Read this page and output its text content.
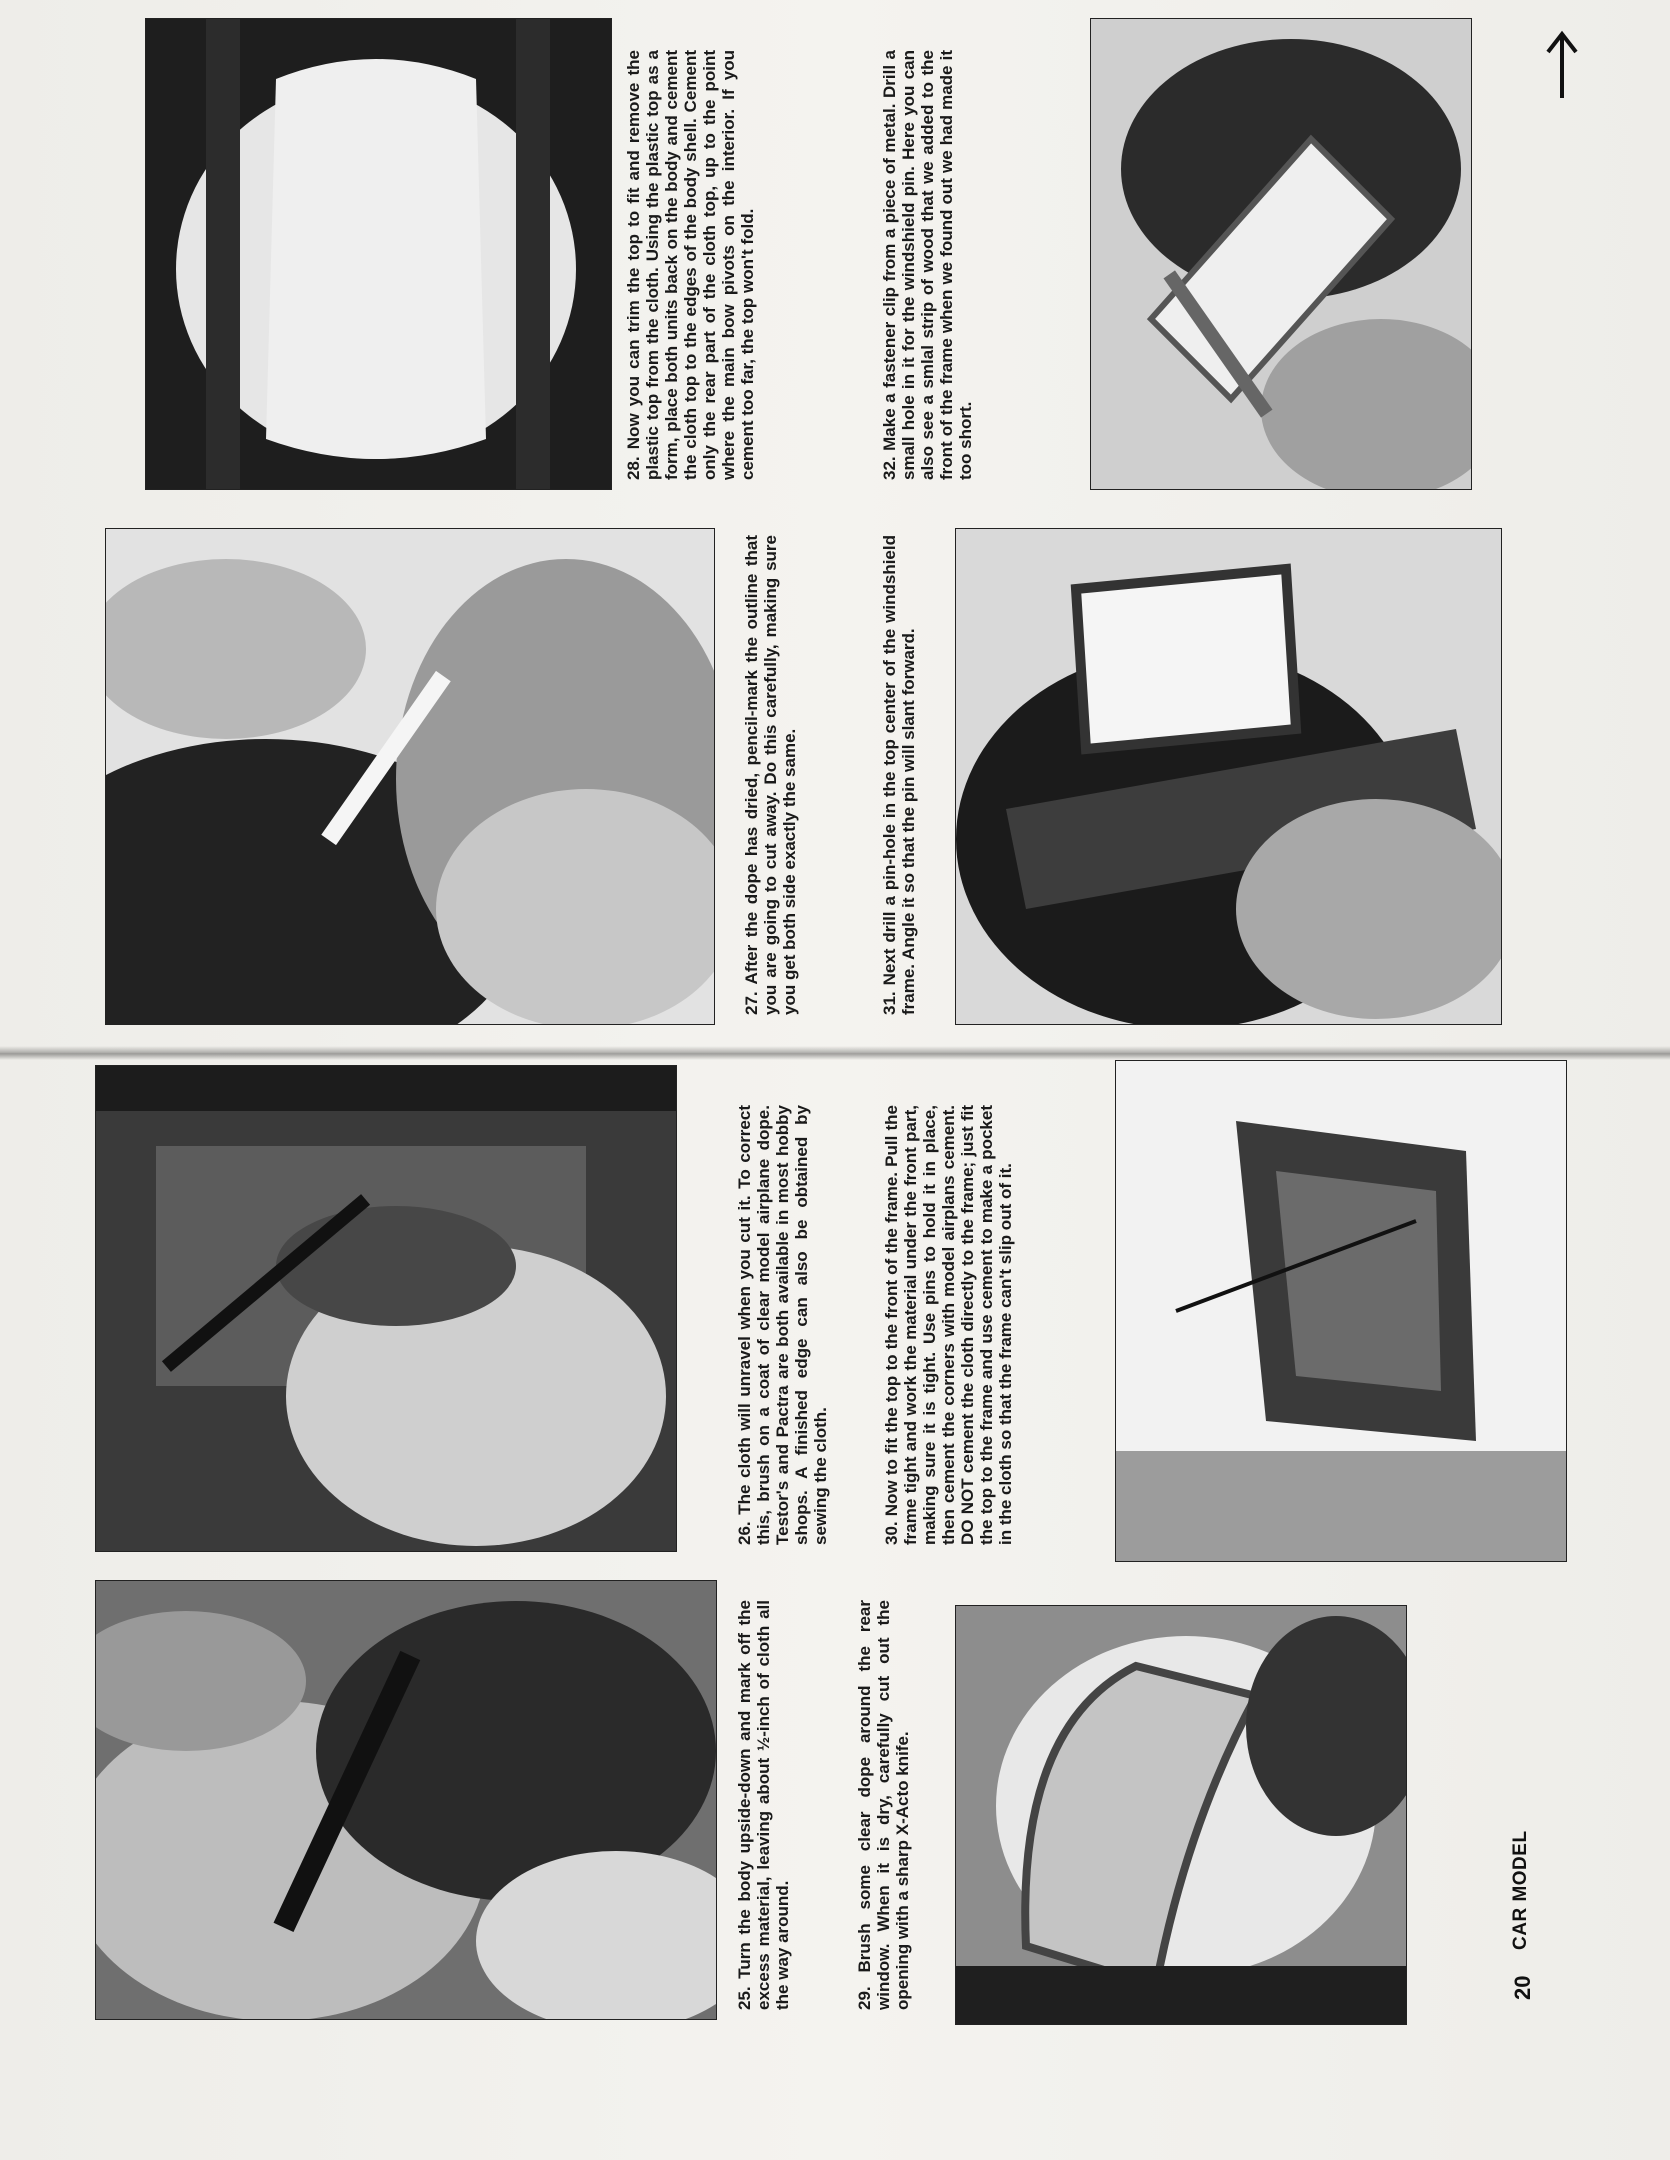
25. Turn the body upside-down and mark off the excess material, leaving about ½-inch of cloth all the way around.

26. The cloth will unravel when you cut it. To correct this, brush on a coat of clear model airplane dope. Testor's and Pactra are both available in most hobby shops. A finished edge can also be obtained by sewing the cloth.

27. After the dope has dried, pencil-mark the outline that you are going to cut away. Do this carefully, making sure you get both side exactly the same.

28. Now you can trim the top to fit and remove the plastic top from the cloth. Using the plastic top as a form, place both units back on the body and cement the cloth top to the edges of the body shell. Cement only the rear part of the cloth top, up to the point where the main bow pivots on the interior. If you cement too far, the top won't fold.

29. Brush some clear dope around the rear window. When it is dry, carefully cut out the opening with a sharp X-Acto knife.

30. Now to fit the top to the front of the frame. Pull the frame tight and work the material under the front part, making sure it is tight. Use pins to hold it in place, then cement the corners with model airplans cement. DO NOT cement the cloth directly to the frame; just fit the top to the frame and use cement to make a pocket in the cloth so that the frame can't slip out of it.

31. Next drill a pin-hole in the top center of the windshield frame. Angle it so that the pin will slant forward.

32. Make a fastener clip from a piece of metal. Drill a small hole in it for the windshield pin. Here you can also see a smlal strip of wood that we added to the front of the frame when we found out we had made it too short.

20
CAR MODEL
